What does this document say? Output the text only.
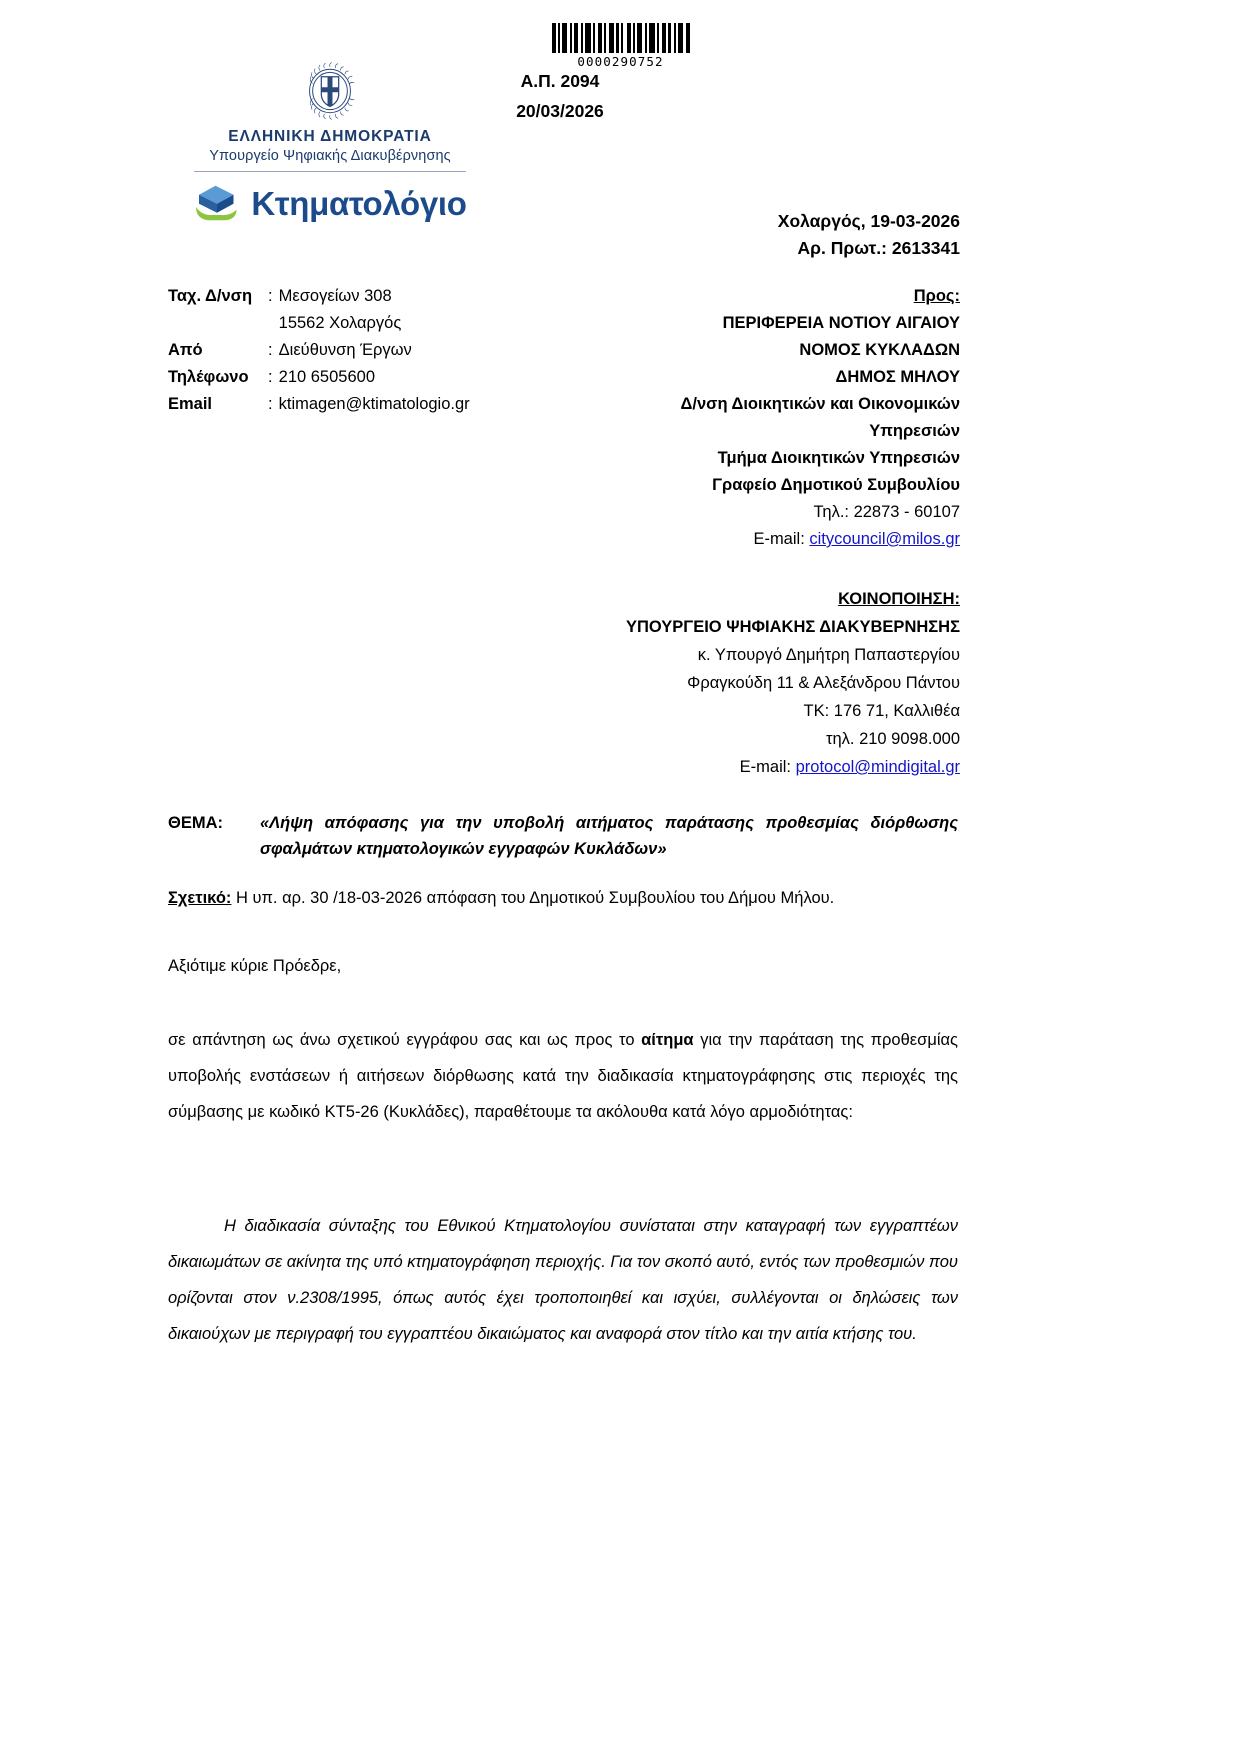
0000290752
Α.Π. 2094
20/03/2026
ΕΛΛΗΝΙΚΗ ΔΗΜΟΚΡΑΤΙΑ
Υπουργείο Ψηφιακής Διακυβέρνησης
Κτηματολόγιο	Χολαργός, 19-03-2026
Αρ. Πρωτ.: 2613341
Ταχ. Δ/νση	:	Μεσογείων 308
		15562 Χολαργός
Από	:	Διεύθυνση Έργων
Τηλέφωνο	:	210 6505600
Email	:	ktimagen@ktimatologio.gr
Προς:
ΠΕΡΙΦΕΡΕΙΑ ΝΟΤΙΟΥ ΑΙΓΑΙΟΥ
ΝΟΜΟΣ ΚΥΚΛΑΔΩΝ
ΔΗΜΟΣ ΜΗΛΟΥ
Δ/νση Διοικητικών και Οικονομικών
Υπηρεσιών
Τμήμα Διοικητικών Υπηρεσιών
Γραφείο Δημοτικού Συμβουλίου
Τηλ.: 22873 - 60107
E-mail: citycouncil@milos.gr
ΚΟΙΝΟΠΟΙΗΣΗ:
ΥΠΟΥΡΓΕΙΟ ΨΗΦΙΑΚΗΣ ΔΙΑΚΥΒΕΡΝΗΣΗΣ
κ. Υπουργό Δημήτρη Παπαστεργίου
Φραγκούδη 11 & Αλεξάνδρου Πάντου
ΤΚ: 176 71, Καλλιθέα
τηλ. 210 9098.000
E-mail: protocol@mindigital.gr
ΘΕΜΑ:	«Λήψη απόφασης για την υποβολή αιτήματος παράτασης προθεσμίας διόρθωσης σφαλμάτων κτηματολογικών εγγραφών Κυκλάδων»
Σχετικό: Η υπ. αρ. 30 /18-03-2026 απόφαση του Δημοτικού Συμβουλίου του Δήμου Μήλου.
Αξιότιμε κύριε Πρόεδρε,
σε απάντηση ως άνω σχετικού εγγράφου σας και ως προς το αίτημα για την παράταση της προθεσμίας υποβολής ενστάσεων ή αιτήσεων διόρθωσης κατά την διαδικασία κτηματογράφησης στις περιοχές της σύμβασης με κωδικό ΚΤ5-26 (Κυκλάδες), παραθέτουμε τα ακόλουθα κατά λόγο αρμοδιότητας:
Η διαδικασία σύνταξης του Εθνικού Κτηματολογίου συνίσταται στην καταγραφή των εγγραπτέων δικαιωμάτων σε ακίνητα της υπό κτηματογράφηση περιοχής. Για τον σκοπό αυτό, εντός των προθεσμιών που ορίζονται στον ν.2308/1995, όπως αυτός έχει τροποποιηθεί και ισχύει, συλλέγονται οι δηλώσεις των δικαιούχων με περιγραφή του εγγραπτέου δικαιώματος και αναφορά στον τίτλο και την αιτία κτήσης του.
